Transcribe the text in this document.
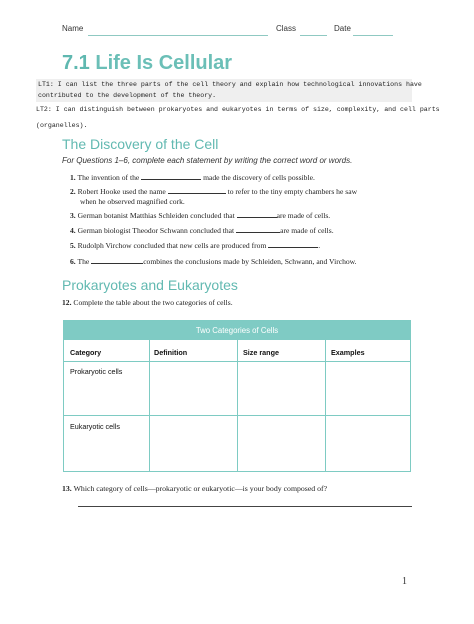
Name	Class	Date
7.1 Life Is Cellular
LT1: I can list the three parts of the cell theory and explain how technological innovations have
contributed to the development of the theory.
LT2: I can distinguish between prokaryotes and eukaryotes in terms of size, complexity, and cell parts
(organelles).
The Discovery of the Cell
For Questions 1–6, complete each statement by writing the correct word or words.
1. The invention of the	made the discovery of cells possible.
2. Robert Hooke used the name	to refer to the tiny empty chambers he saw
when he observed magnified cork.
3. German botanist Matthias Schleiden concluded that	are made of cells.
4. German biologist Theodor Schwann concluded that	are made of cells.
5. Rudolph Virchow concluded that new cells are produced from	.
6. The	combines the conclusions made by Schleiden, Schwann, and Virchow.
Prokaryotes and Eukaryotes
12. Complete the table about the two categories of cells.
Two Categories of Cells
Category	Definition	Size range	Examples
Prokaryotic cells
Eukaryotic cells
13. Which category of cells—prokaryotic or eukaryotic—is your body composed of?
1
